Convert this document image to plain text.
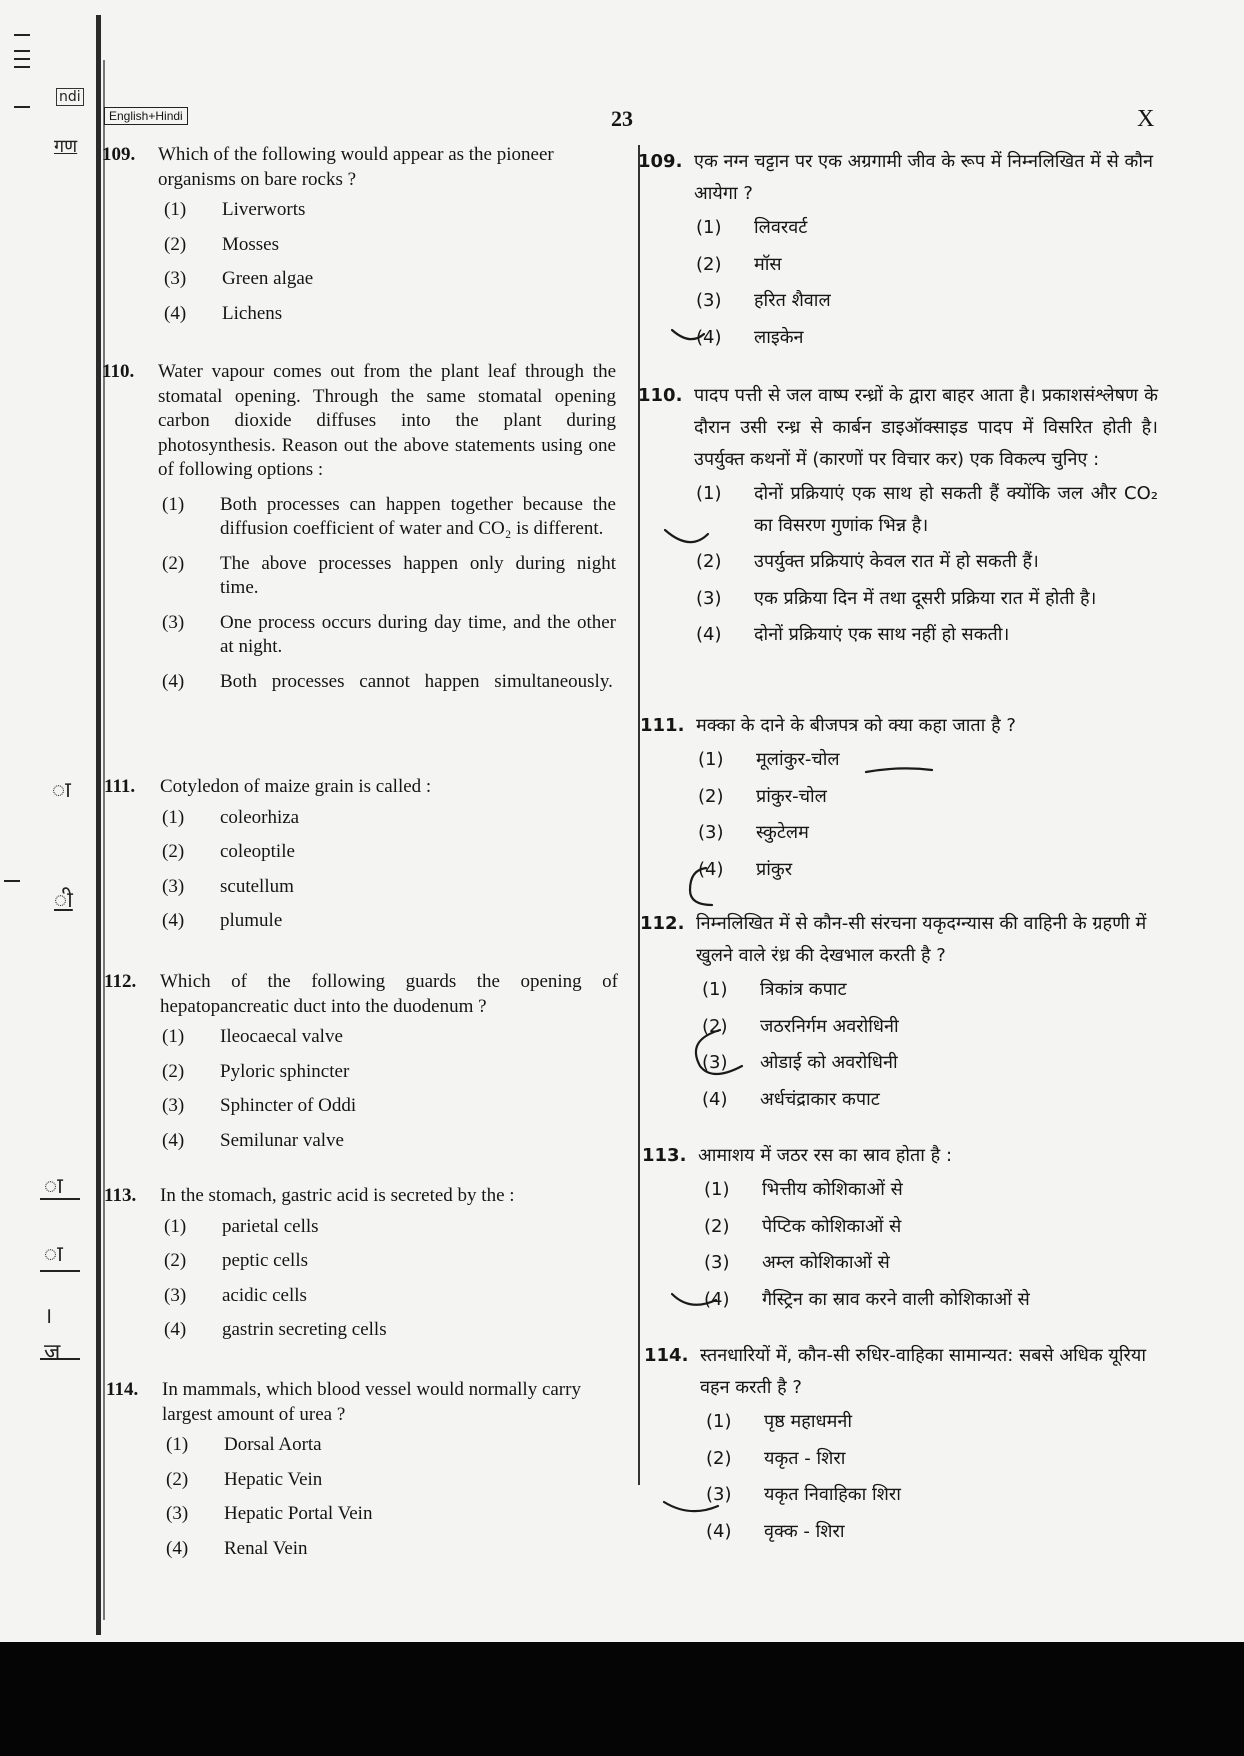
ndi
गण
ा
ी
ा
ा
।
ज
English+Hindi	23	X
109. Which of the following would appear as the pioneer organisms on bare rocks ?
(1) Liverworts
(2) Mosses
(3) Green algae
(4) Lichens
110. Water vapour comes out from the plant leaf through the stomatal opening. Through the same stomatal opening carbon dioxide diffuses into the plant during photosynthesis. Reason out the above statements using one of following options :
(1) Both processes can happen together because the diffusion coefficient of water and CO₂ is different.
(2) The above processes happen only during night time.
(3) One process occurs during day time, and the other at night.
(4) Both processes cannot happen simultaneously.
111. Cotyledon of maize grain is called :
(1) coleorhiza
(2) coleoptile
(3) scutellum
(4) plumule
112. Which of the following guards the opening of hepatopancreatic duct into the duodenum ?
(1) Ileocaecal valve
(2) Pyloric sphincter
(3) Sphincter of Oddi
(4) Semilunar valve
113. In the stomach, gastric acid is secreted by the :
(1) parietal cells
(2) peptic cells
(3) acidic cells
(4) gastrin secreting cells
114. In mammals, which blood vessel would normally carry largest amount of urea ?
(1) Dorsal Aorta
(2) Hepatic Vein
(3) Hepatic Portal Vein
(4) Renal Vein
109. एक नग्न चट्टान पर एक अग्रगामी जीव के रूप में निम्नलिखित में से कौन आयेगा ?
(1) लिवरवर्ट
(2) मॉस
(3) हरित शैवाल
(4) लाइकेन
110. पादप पत्ती से जल वाष्प रन्ध्रों के द्वारा बाहर आता है। प्रकाशसंश्लेषण के दौरान उसी रन्ध्र से कार्बन डाइऑक्साइड पादप में विसरित होती है। उपर्युक्त कथनों में (कारणों पर विचार कर) एक विकल्प चुनिए :
(1) दोनों प्रक्रियाएं एक साथ हो सकती हैं क्योंकि जल और CO₂ का विसरण गुणांक भिन्न है।
(2) उपर्युक्त प्रक्रियाएं केवल रात में हो सकती हैं।
(3) एक प्रक्रिया दिन में तथा दूसरी प्रक्रिया रात में होती है।
(4) दोनों प्रक्रियाएं एक साथ नहीं हो सकती।
111. मक्का के दाने के बीजपत्र को क्या कहा जाता है ?
(1) मूलांकुर-चोल
(2) प्रांकुर-चोल
(3) स्कुटेलम
(4) प्रांकुर
112. निम्नलिखित में से कौन-सी संरचना यकृदग्न्यास की वाहिनी के ग्रहणी में खुलने वाले रंध्र की देखभाल करती है ?
(1) त्रिकांत्र कपाट
(2) जठरनिर्गम अवरोधिनी
(3) ओडाई को अवरोधिनी
(4) अर्धचंद्राकार कपाट
113. आमाशय में जठर रस का स्राव होता है :
(1) भित्तीय कोशिकाओं से
(2) पेप्टिक कोशिकाओं से
(3) अम्ल कोशिकाओं से
(4) गैस्ट्रिन का स्राव करने वाली कोशिकाओं से
114. स्तनधारियों में, कौन-सी रुधिर-वाहिका सामान्यत: सबसे अधिक यूरिया वहन करती है ?
(1) पृष्ठ महाधमनी
(2) यकृत - शिरा
(3) यकृत निवाहिका शिरा
(4) वृक्क - शिरा
